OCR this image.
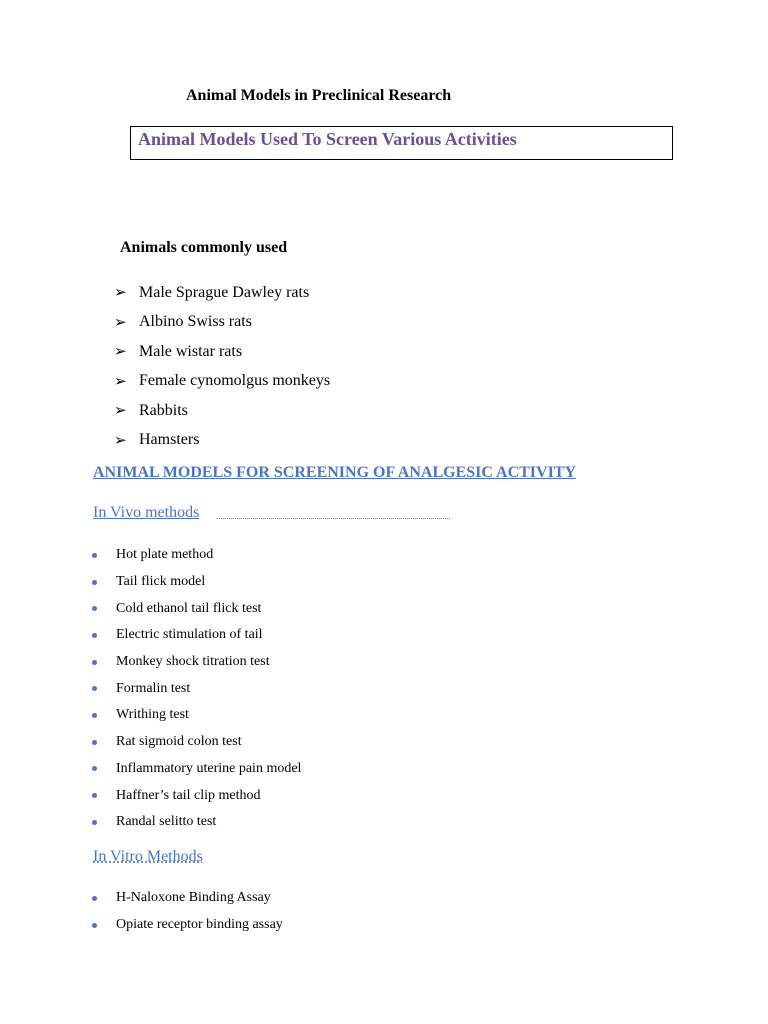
Animal Models in Preclinical Research
Animal Models Used To Screen Various Activities
Animals commonly used
➢ Male Sprague Dawley rats
➢ Albino Swiss rats
➢ Male wistar rats
➢ Female cynomolgus monkeys
➢ Rabbits
➢ Hamsters
ANIMAL MODELS FOR SCREENING OF ANALGESIC ACTIVITY
In Vivo methods
Hot plate method
Tail flick model
Cold ethanol tail flick test
Electric stimulation of tail
Monkey shock titration test
Formalin test
Writhing test
Rat sigmoid colon test
Inflammatory uterine pain model
Haffner’s tail clip method
Randal selitto test
In Vitro Methods
H-Naloxone Binding Assay
Opiate receptor binding assay
